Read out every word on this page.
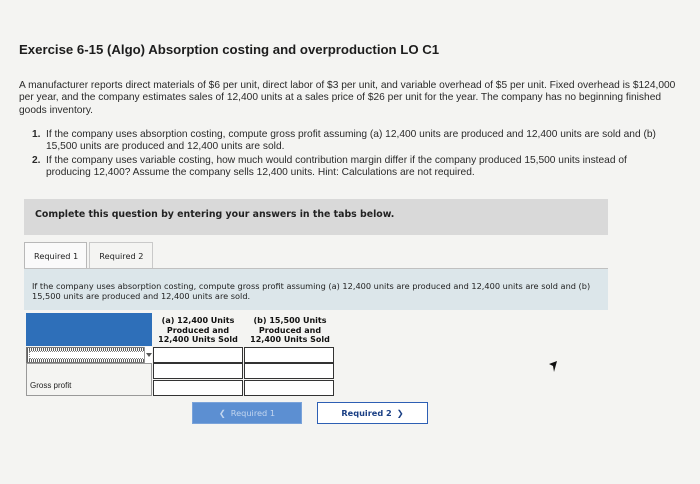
Exercise 6-15 (Algo) Absorption costing and overproduction LO C1
A manufacturer reports direct materials of $6 per unit, direct labor of $3 per unit, and variable overhead of $5 per unit. Fixed overhead is $124,000 per year, and the company estimates sales of 12,400 units at a sales price of $26 per unit for the year. The company has no beginning finished goods inventory.
1. If the company uses absorption costing, compute gross profit assuming (a) 12,400 units are produced and 12,400 units are sold and (b) 15,500 units are produced and 12,400 units are sold.
2. If the company uses variable costing, how much would contribution margin differ if the company produced 15,500 units instead of producing 12,400? Assume the company sells 12,400 units. Hint: Calculations are not required.
Complete this question by entering your answers in the tabs below.
Required 1	Required 2
If the company uses absorption costing, compute gross profit assuming (a) 12,400 units are produced and 12,400 units are sold and (b) 15,500 units are produced and 12,400 units are sold.
(a) 12,400 Units
Produced and
12,400 Units Sold
(b) 15,500 Units
Produced and
12,400 Units Sold
Gross profit
❮ Required 1	Required 2 ❯
